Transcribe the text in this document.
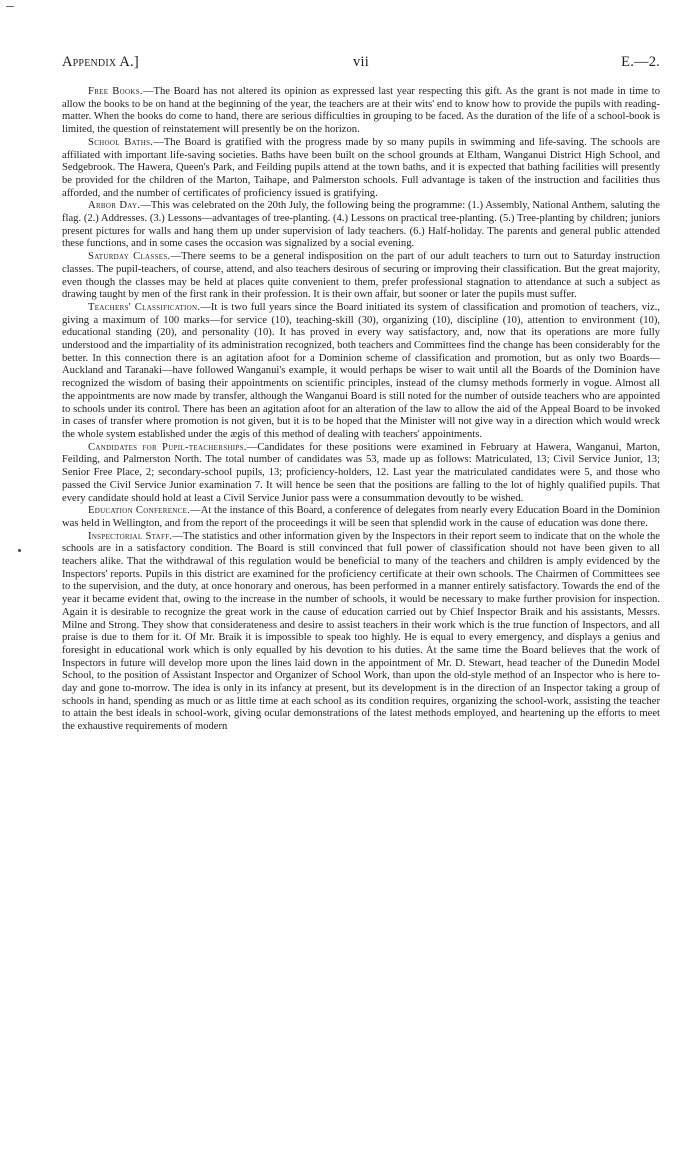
Appendix A.]	vii	E.—2.

Free Books.—The Board has not altered its opinion as expressed last year respecting this gift. As the grant is not made in time to allow the books to be on hand at the beginning of the year, the teachers are at their wits' end to know how to provide the pupils with reading-matter. When the books do come to hand, there are serious difficulties in grouping to be faced. As the duration of the life of a school-book is limited, the question of reinstatement will presently be on the horizon.

School Baths.—The Board is gratified with the progress made by so many pupils in swimming and life-saving. The schools are affiliated with important life-saving societies. Baths have been built on the school grounds at Eltham, Wanganui District High School, and Sedgebrook. The Hawera, Queen's Park, and Feilding pupils attend at the town baths, and it is expected that bathing facilities will presently be provided for the children of the Marton, Taihape, and Palmerston schools. Full advantage is taken of the instruction and facilities thus afforded, and the number of certificates of proficiency issued is gratifying.

Arbor Day.—This was celebrated on the 20th July, the following being the programme: (1.) Assembly, National Anthem, saluting the flag. (2.) Addresses. (3.) Lessons—advantages of tree-planting. (4.) Lessons on practical tree-planting. (5.) Tree-planting by children; juniors present pictures for walls and hang them up under supervision of lady teachers. (6.) Half-holiday. The parents and general public attended these functions, and in some cases the occasion was signalized by a social evening.

Saturday Classes.—There seems to be a general indisposition on the part of our adult teachers to turn out to Saturday instruction classes. The pupil-teachers, of course, attend, and also teachers desirous of securing or improving their classification. But the great majority, even though the classes may be held at places quite convenient to them, prefer professional stagnation to attendance at such a subject as drawing taught by men of the first rank in their profession. It is their own affair, but sooner or later the pupils must suffer.

Teachers' Classification.—It is two full years since the Board initiated its system of classification and promotion of teachers, viz., giving a maximum of 100 marks—for service (10), teaching-skill (30), organizing (10), discipline (10), attention to environment (10), educational standing (20), and personality (10). It has proved in every way satisfactory, and, now that its operations are more fully understood and the impartiality of its administration recognized, both teachers and Committees find the change has been considerably for the better. In this connection there is an agitation afoot for a Dominion scheme of classification and promotion, but as only two Boards—Auckland and Taranaki—have followed Wanganui's example, it would perhaps be wiser to wait until all the Boards of the Dominion have recognized the wisdom of basing their appointments on scientific principles, instead of the clumsy methods formerly in vogue. Almost all the appointments are now made by transfer, although the Wanganui Board is still noted for the number of outside teachers who are appointed to schools under its control. There has been an agitation afoot for an alteration of the law to allow the aid of the Appeal Board to be invoked in cases of transfer where promotion is not given, but it is to be hoped that the Minister will not give way in a direction which would wreck the whole system established under the ægis of this method of dealing with teachers' appointments.

Candidates for Pupil-teacherships.—Candidates for these positions were examined in February at Hawera, Wanganui, Marton, Feilding, and Palmerston North. The total number of candidates was 53, made up as follows: Matriculated, 13; Civil Service Junior, 13; Senior Free Place, 2; secondary-school pupils, 13; proficiency-holders, 12. Last year the matriculated candidates were 5, and those who passed the Civil Service Junior examination 7. It will hence be seen that the positions are falling to the lot of highly qualified pupils. That every candidate should hold at least a Civil Service Junior pass were a consummation devoutly to be wished.

Education Conference.—At the instance of this Board, a conference of delegates from nearly every Education Board in the Dominion was held in Wellington, and from the report of the proceedings it will be seen that splendid work in the cause of education was done there.

Inspectorial Staff.—The statistics and other information given by the Inspectors in their report seem to indicate that on the whole the schools are in a satisfactory condition. The Board is still convinced that full power of classification should not have been given to all teachers alike. That the withdrawal of this regulation would be beneficial to many of the teachers and children is amply evidenced by the Inspectors' reports. Pupils in this district are examined for the proficiency certificate at their own schools. The Chairmen of Committees see to the supervision, and the duty, at once honorary and onerous, has been performed in a manner entirely satisfactory. Towards the end of the year it became evident that, owing to the increase in the number of schools, it would be necessary to make further provision for inspection. Again it is desirable to recognize the great work in the cause of education carried out by Chief Inspector Braik and his assistants, Messrs. Milne and Strong. They show that considerateness and desire to assist teachers in their work which is the true function of Inspectors, and all praise is due to them for it. Of Mr. Braik it is impossible to speak too highly. He is equal to every emergency, and displays a genius and foresight in educational work which is only equalled by his devotion to his duties. At the same time the Board believes that the work of Inspectors in future will develop more upon the lines laid down in the appointment of Mr. D. Stewart, head teacher of the Dunedin Model School, to the position of Assistant Inspector and Organizer of School Work, than upon the old-style method of an Inspector who is here to-day and gone to-morrow. The idea is only in its infancy at present, but its development is in the direction of an Inspector taking a group of schools in hand, spending as much or as little time at each school as its condition requires, organizing the school-work, assisting the teacher to attain the best ideals in school-work, giving ocular demonstrations of the latest methods employed, and heartening up the efforts to meet the exhaustive requirements of modern
